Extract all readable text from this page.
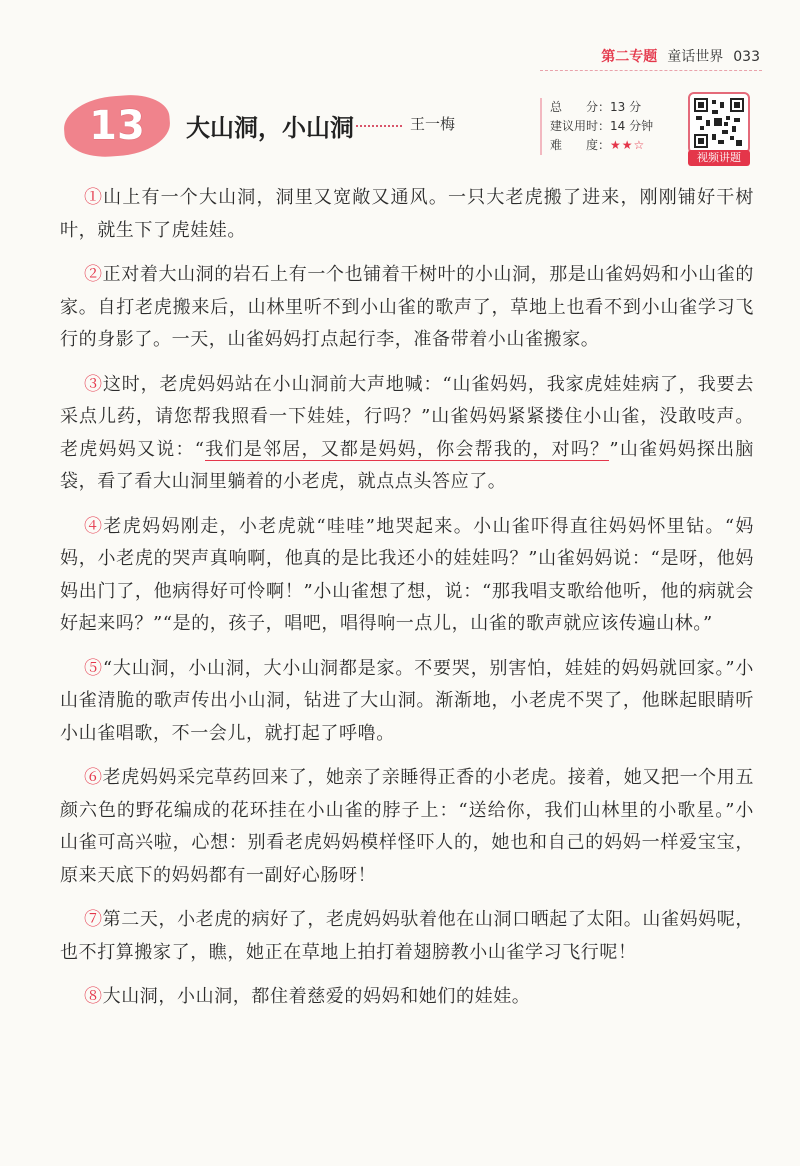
第二专题 童话世界 033
13 大山洞，小山洞	王一梅
总　　分：13 分
建议用时：14 分钟
难　　度：★★☆
视频讲题

①山上有一个大山洞，洞里又宽敞又通风。一只大老虎搬了进来，刚刚铺好干树叶，就生下了虎娃娃。

②正对着大山洞的岩石上有一个也铺着干树叶的小山洞，那是山雀妈妈和小山雀的家。自打老虎搬来后，山林里听不到小山雀的歌声了，草地上也看不到小山雀学习飞行的身影了。一天，山雀妈妈打点起行李，准备带着小山雀搬家。

③这时，老虎妈妈站在小山洞前大声地喊：“山雀妈妈，我家虎娃娃病了，我要去采点儿药，请您帮我照看一下娃娃，行吗？”山雀妈妈紧紧搂住小山雀，没敢吱声。老虎妈妈又说：“我们是邻居，又都是妈妈，你会帮我的，对吗？”山雀妈妈探出脑袋，看了看大山洞里躺着的小老虎，就点点头答应了。

④老虎妈妈刚走，小老虎就“哇哇”地哭起来。小山雀吓得直往妈妈怀里钻。“妈妈，小老虎的哭声真响啊，他真的是比我还小的娃娃吗？”山雀妈妈说：“是呀，他妈妈出门了，他病得好可怜啊！”小山雀想了想，说：“那我唱支歌给他听，他的病就会好起来吗？”“是的，孩子，唱吧，唱得响一点儿，山雀的歌声就应该传遍山林。”

⑤“大山洞，小山洞，大小山洞都是家。不要哭，别害怕，娃娃的妈妈就回家。”小山雀清脆的歌声传出小山洞，钻进了大山洞。渐渐地，小老虎不哭了，他眯起眼睛听小山雀唱歌，不一会儿，就打起了呼噜。

⑥老虎妈妈采完草药回来了，她亲了亲睡得正香的小老虎。接着，她又把一个用五颜六色的野花编成的花环挂在小山雀的脖子上：“送给你，我们山林里的小歌星。”小山雀可高兴啦，心想：别看老虎妈妈模样怪吓人的，她也和自己的妈妈一样爱宝宝，原来天底下的妈妈都有一副好心肠呀！

⑦第二天，小老虎的病好了，老虎妈妈驮着他在山洞口晒起了太阳。山雀妈妈呢，也不打算搬家了，瞧，她正在草地上拍打着翅膀教小山雀学习飞行呢！

⑧大山洞，小山洞，都住着慈爱的妈妈和她们的娃娃。
